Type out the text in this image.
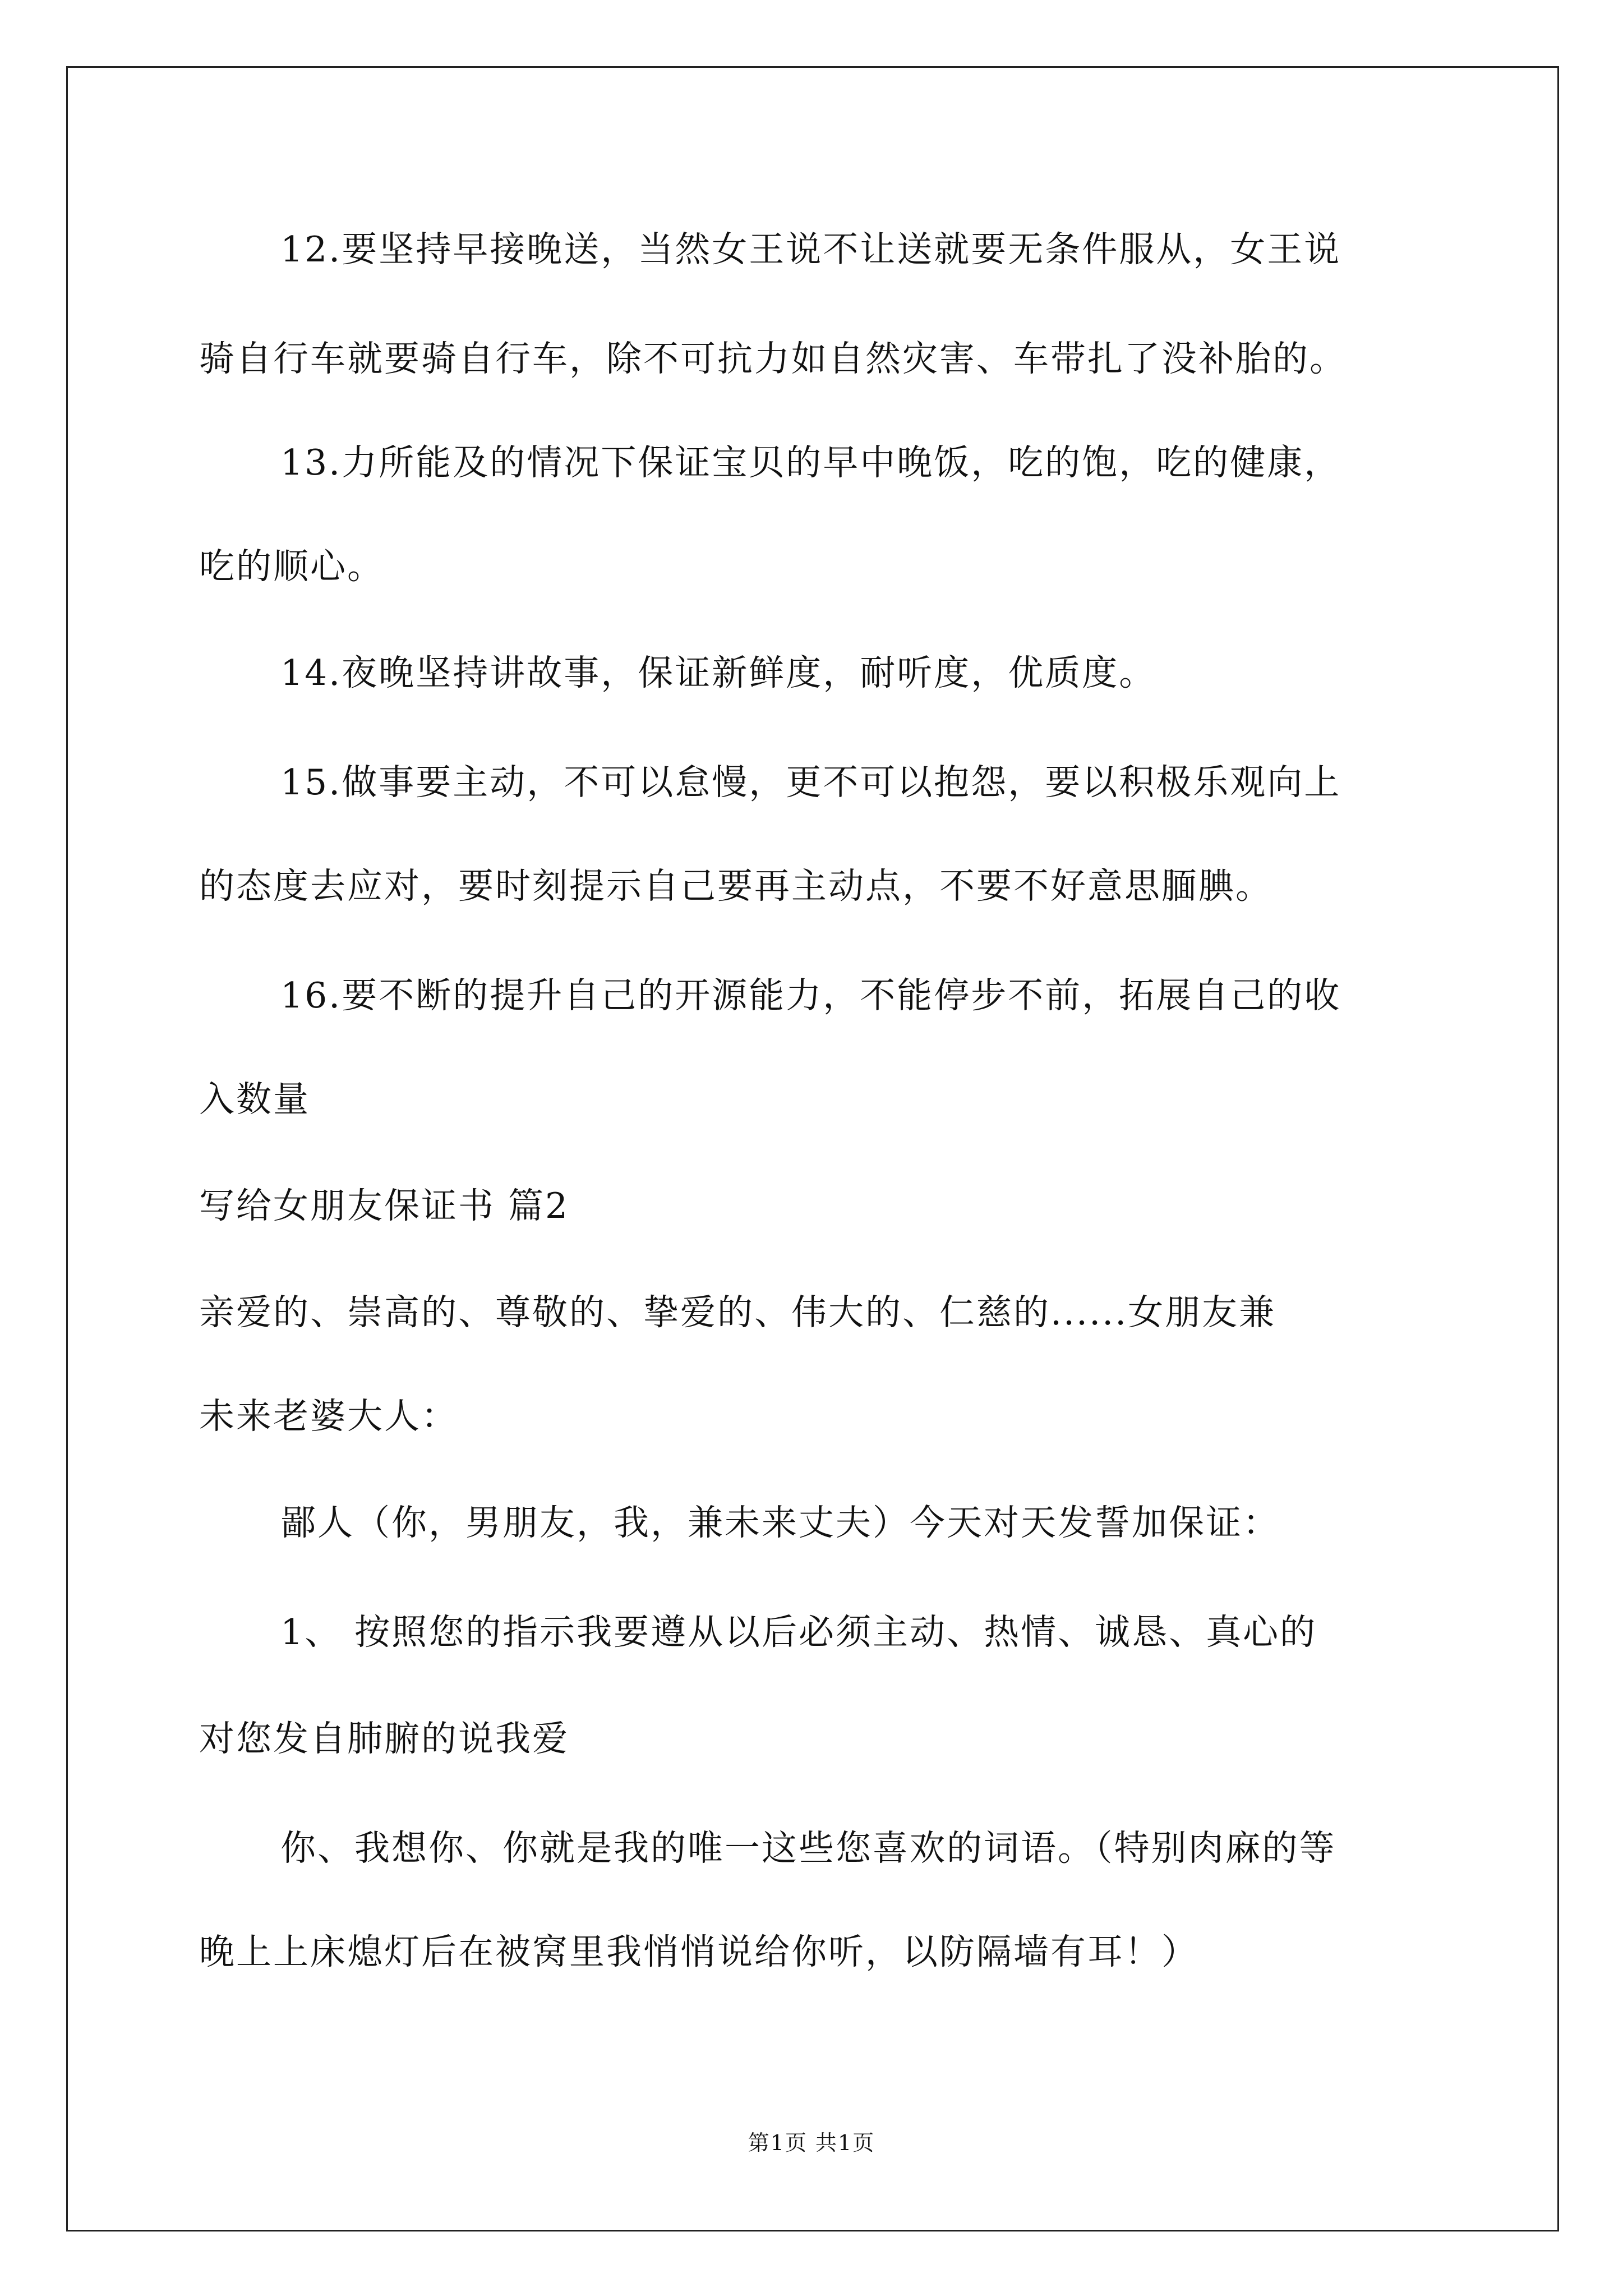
12.要坚持早接晚送，当然女王说不让送就要无条件服从，女王说
骑自行车就要骑自行车，除不可抗力如自然灾害、车带扎了没补胎的。
13.力所能及的情况下保证宝贝的早中晚饭，吃的饱，吃的健康，
吃的顺心。
14.夜晚坚持讲故事，保证新鲜度，耐听度，优质度。
15.做事要主动，不可以怠慢，更不可以抱怨，要以积极乐观向上
的态度去应对，要时刻提示自己要再主动点，不要不好意思腼腆。
16.要不断的提升自己的开源能力，不能停步不前，拓展自己的收
入数量
写给女朋友保证书 篇2
亲爱的、崇高的、尊敬的、挚爱的、伟大的、仁慈的......女朋友兼
未来老婆大人：
鄙人（你，男朋友，我，兼未来丈夫）今天对天发誓加保证：
1、 按照您的指示我要遵从以后必须主动、热情、诚恳、真心的
对您发自肺腑的说我爱
你、我想你、你就是我的唯一这些您喜欢的词语。（特别肉麻的等
晚上上床熄灯后在被窝里我悄悄说给你听，以防隔墙有耳！）
第1页 共1页
